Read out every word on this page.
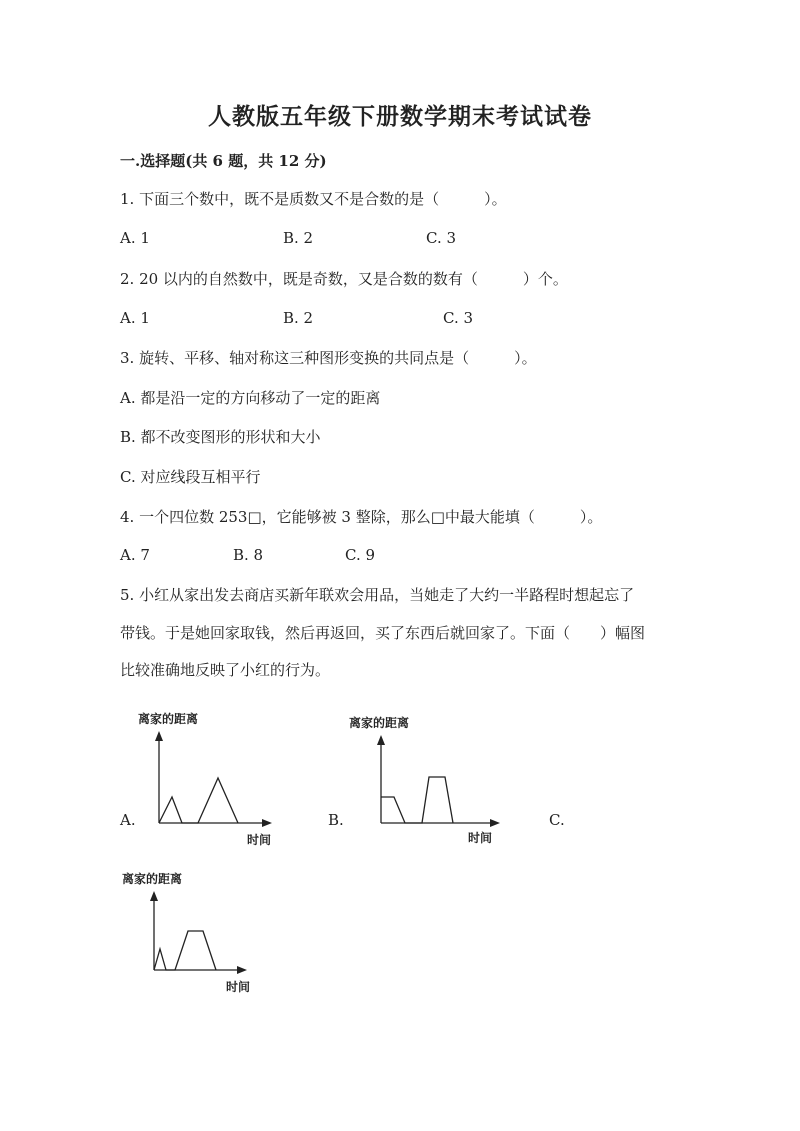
人教版五年级下册数学期末考试试卷
一.选择题(共 6 题，共 12 分)
1. 下面三个数中，既不是质数又不是合数的是（　　　）。
A. 1	B. 2	C. 3
2. 20 以内的自然数中，既是奇数，又是合数的数有（　　　）个。
A. 1	B. 2	C. 3
3. 旋转、平移、轴对称这三种图形变换的共同点是（　　　）。
A. 都是沿一定的方向移动了一定的距离
B. 都不改变图形的形状和大小
C. 对应线段互相平行
4. 一个四位数 253□，它能够被 3 整除，那么□中最大能填（　　　）。
A. 7	B. 8	C. 9
5. 小红从家出发去商店买新年联欢会用品，当她走了大约一半路程时想起忘了
带钱。于是她回家取钱，然后再返回，买了东西后就回家了。下面（　　）幅图
比较准确地反映了小红的行为。
A.	B.	C.
离家的距离
时间
离家的距离
时间
离家的距离
时间
